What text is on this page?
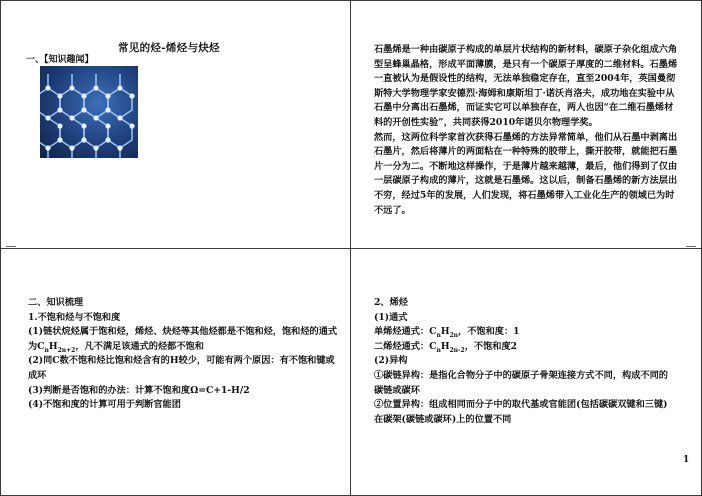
常见的烃-烯烃与炔烃
一、【知识趣闻】
石墨烯是一种由碳原子构成的单层片状结构的新材料，碳原子杂化组成六角型呈蜂巢晶格，形成平面薄膜，是只有一个碳原子厚度的二维材料。石墨烯一直被认为是假设性的结构，无法单独稳定存在，直至2004年，英国曼彻斯特大学物理学家安德烈·海姆和康斯坦丁·诺沃肖洛夫，成功地在实验中从石墨中分离出石墨烯，而证实它可以单独存在，两人也因“在二维石墨烯材料的开创性实验”，共同获得2010年诺贝尔物理学奖。
然而，这两位科学家首次获得石墨烯的方法异常简单，他们从石墨中剥离出石墨片，然后将薄片的两面粘在一种特殊的胶带上，撕开胶带，就能把石墨片一分为二。不断地这样操作，于是薄片越来越薄，最后，他们得到了仅由一层碳原子构成的薄片，这就是石墨烯。这以后，制备石墨烯的新方法层出不穷，经过5年的发展，人们发现，将石墨烯带入工业化生产的领域已为时不远了。
二、知识梳理
1.不饱和烃与不饱和度
(1)链状烷烃属于饱和烃，烯烃、炔烃等其他烃都是不饱和烃，饱和烃的通式为$C_nH_{2n+2}$，凡不满足该通式的烃都不饱和
(2)同C数不饱和烃比饱和烃含有的H较少，可能有两个原因：有不饱和键或成环
(3)判断是否饱和的办法：计算不饱和度Ω=C+1-H/2
(4)不饱和度的计算可用于判断官能团
2、烯烃
(1)通式
单烯烃通式：$C_nH_{2n}$，不饱和度：1
二烯烃通式：$C_nH_{2n-2}$，不饱和度2
(2)异构
①碳链异构：是指化合物分子中的碳原子骨架连接方式不同，构成不同的碳链或碳环
②位置异构：组成相同而分子中的取代基或官能团(包括碳碳双键和三键)在碳架(碳链或碳环)上的位置不同
1
